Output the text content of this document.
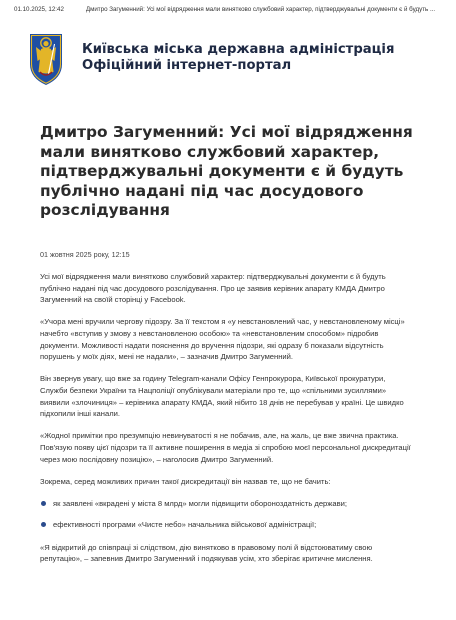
01.10.2025, 12:42	Дмитро Загуменний: Усі мої відрядження мали винятково службовий характер, підтверджувальні документи є й будуть ...
Київська міська державна адміністрація
Офіційний інтернет-портал
Дмитро Загуменний: Усі мої відрядження мали винятково службовий характер, підтверджувальні документи є й будуть публічно надані під час досудового розслідування
01 жовтня 2025 року, 12:15

Усі мої відрядження мали винятково службовий характер: підтверджувальні документи є й будуть публічно надані під час досудового розслідування. Про це заявив керівник апарату КМДА Дмитро Загуменний на своїй сторінці у Facebook.

«Учора мені вручили чергову підозру. За її текстом я «у невстановлений час, у невстановленому місці» начебто «вступив у змову з невстановленою особою» та «невстановленим способом» підробив документи. Можливості надати пояснення до вручення підозри, які одразу б показали відсутність порушень у моїх діях, мені не надали», – зазначив Дмитро Загуменний.

Він звернув увагу, що вже за годину Telegram-канали Офісу Генпрокурора, Київської прокуратури, Служби безпеки України та Нацполіції опублікували матеріали про те, що «спільними зусиллями» виявили «злочиниця» – керівника апарату КМДА, який нібито 18 днів не перебував у країні. Це швидко підхопили інші канали.

«Жодної примітки про презумпцію невинуватості я не побачив, але, на жаль, це вже звична практика. Пов'язую появу цієї підозри та її активне поширення в медіа зі спробою моєї персональної дискредитації через мою послідовну позицію», – наголосив Дмитро Загуменний.

Зокрема, серед можливих причин такої дискредитації він назвав те, що не бачить:

як заявлені «вкрадені у міста 8 млрд» могли підвищити обороноздатність держави;
ефективності програми «Чисте небо» начальника військової адміністрації;

«Я відкритий до співпраці зі слідством, дію винятково в правовому полі й відстоюватиму свою репутацію», – запевнив Дмитро Загуменний і подякував усім, хто зберігає критичне мислення.
